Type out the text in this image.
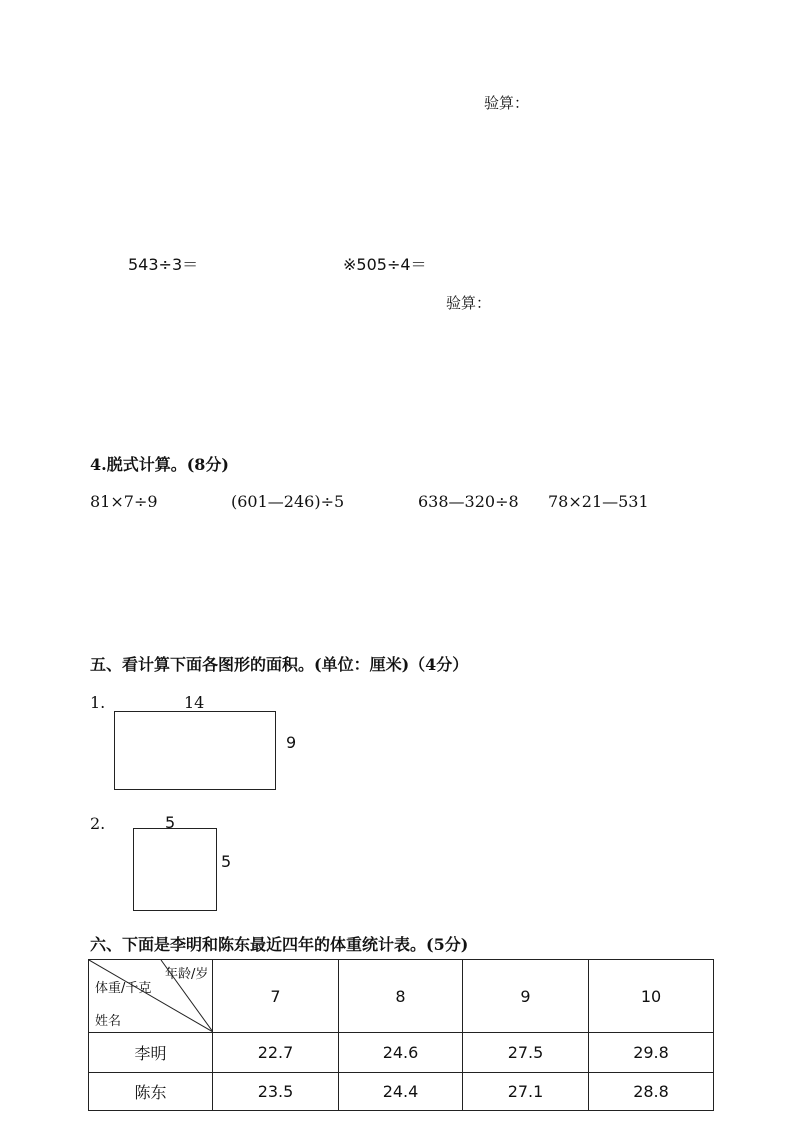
验算：
543÷3＝	※505÷4＝
验算：
4.脱式计算。(8分)
81×7÷9	(601—246)÷5	638—320÷8 78×21—531
五、看计算下面各图形的面积。(单位：厘米)（4分）
1.	14
9
2.	5
5
六、下面是李明和陈东最近四年的体重统计表。(5分)
年龄/岁
体重/千克
姓名	7	8	9	10
李明	22.7	24.6	27.5	29.8
陈东	23.5	24.4	27.1	28.8
